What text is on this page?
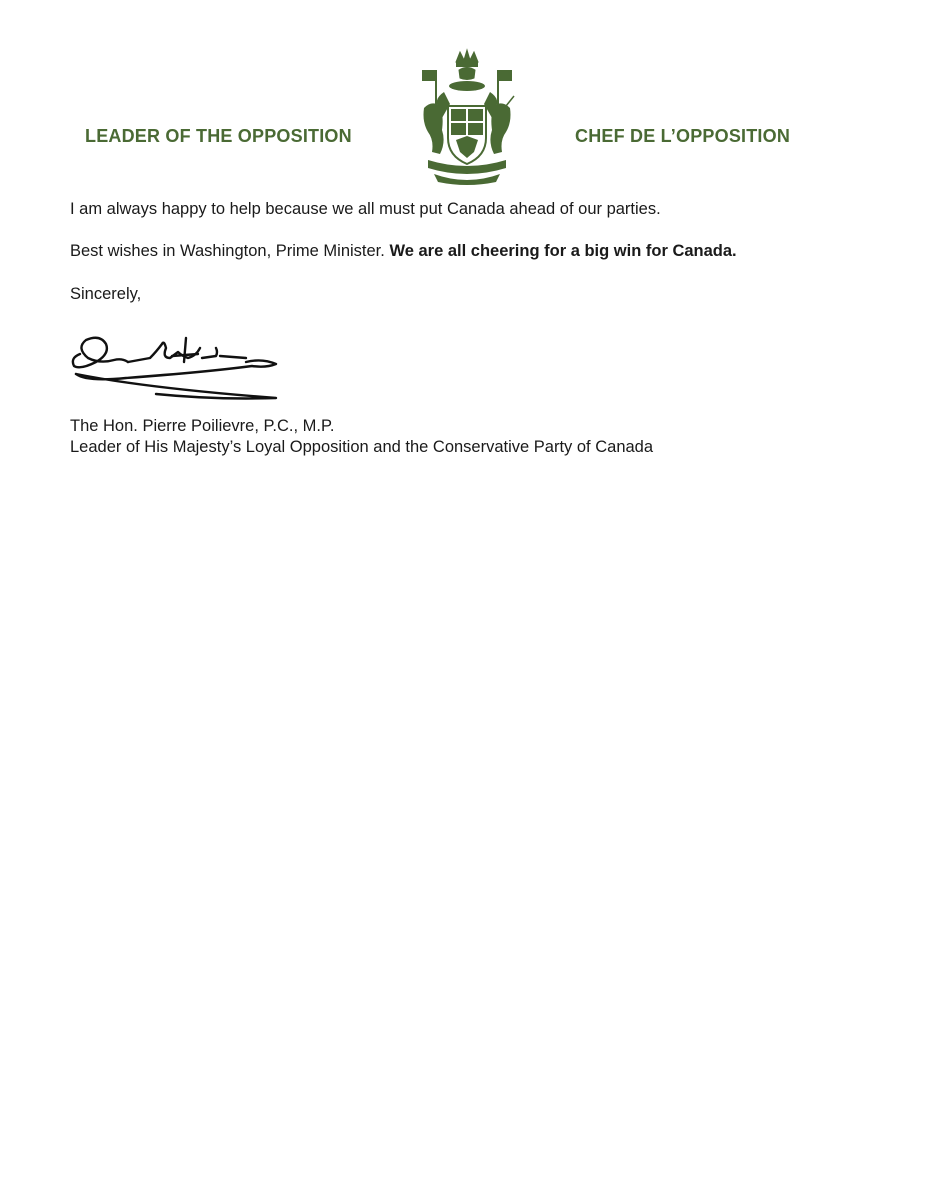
LEADER OF THE OPPOSITION	CHEF DE L’OPPOSITION
I am always happy to help because we all must put Canada ahead of our parties.
Best wishes in Washington, Prime Minister. We are all cheering for a big win for Canada.
Sincerely,
The Hon. Pierre Poilievre, P.C., M.P.
Leader of His Majesty’s Loyal Opposition and the Conservative Party of Canada
